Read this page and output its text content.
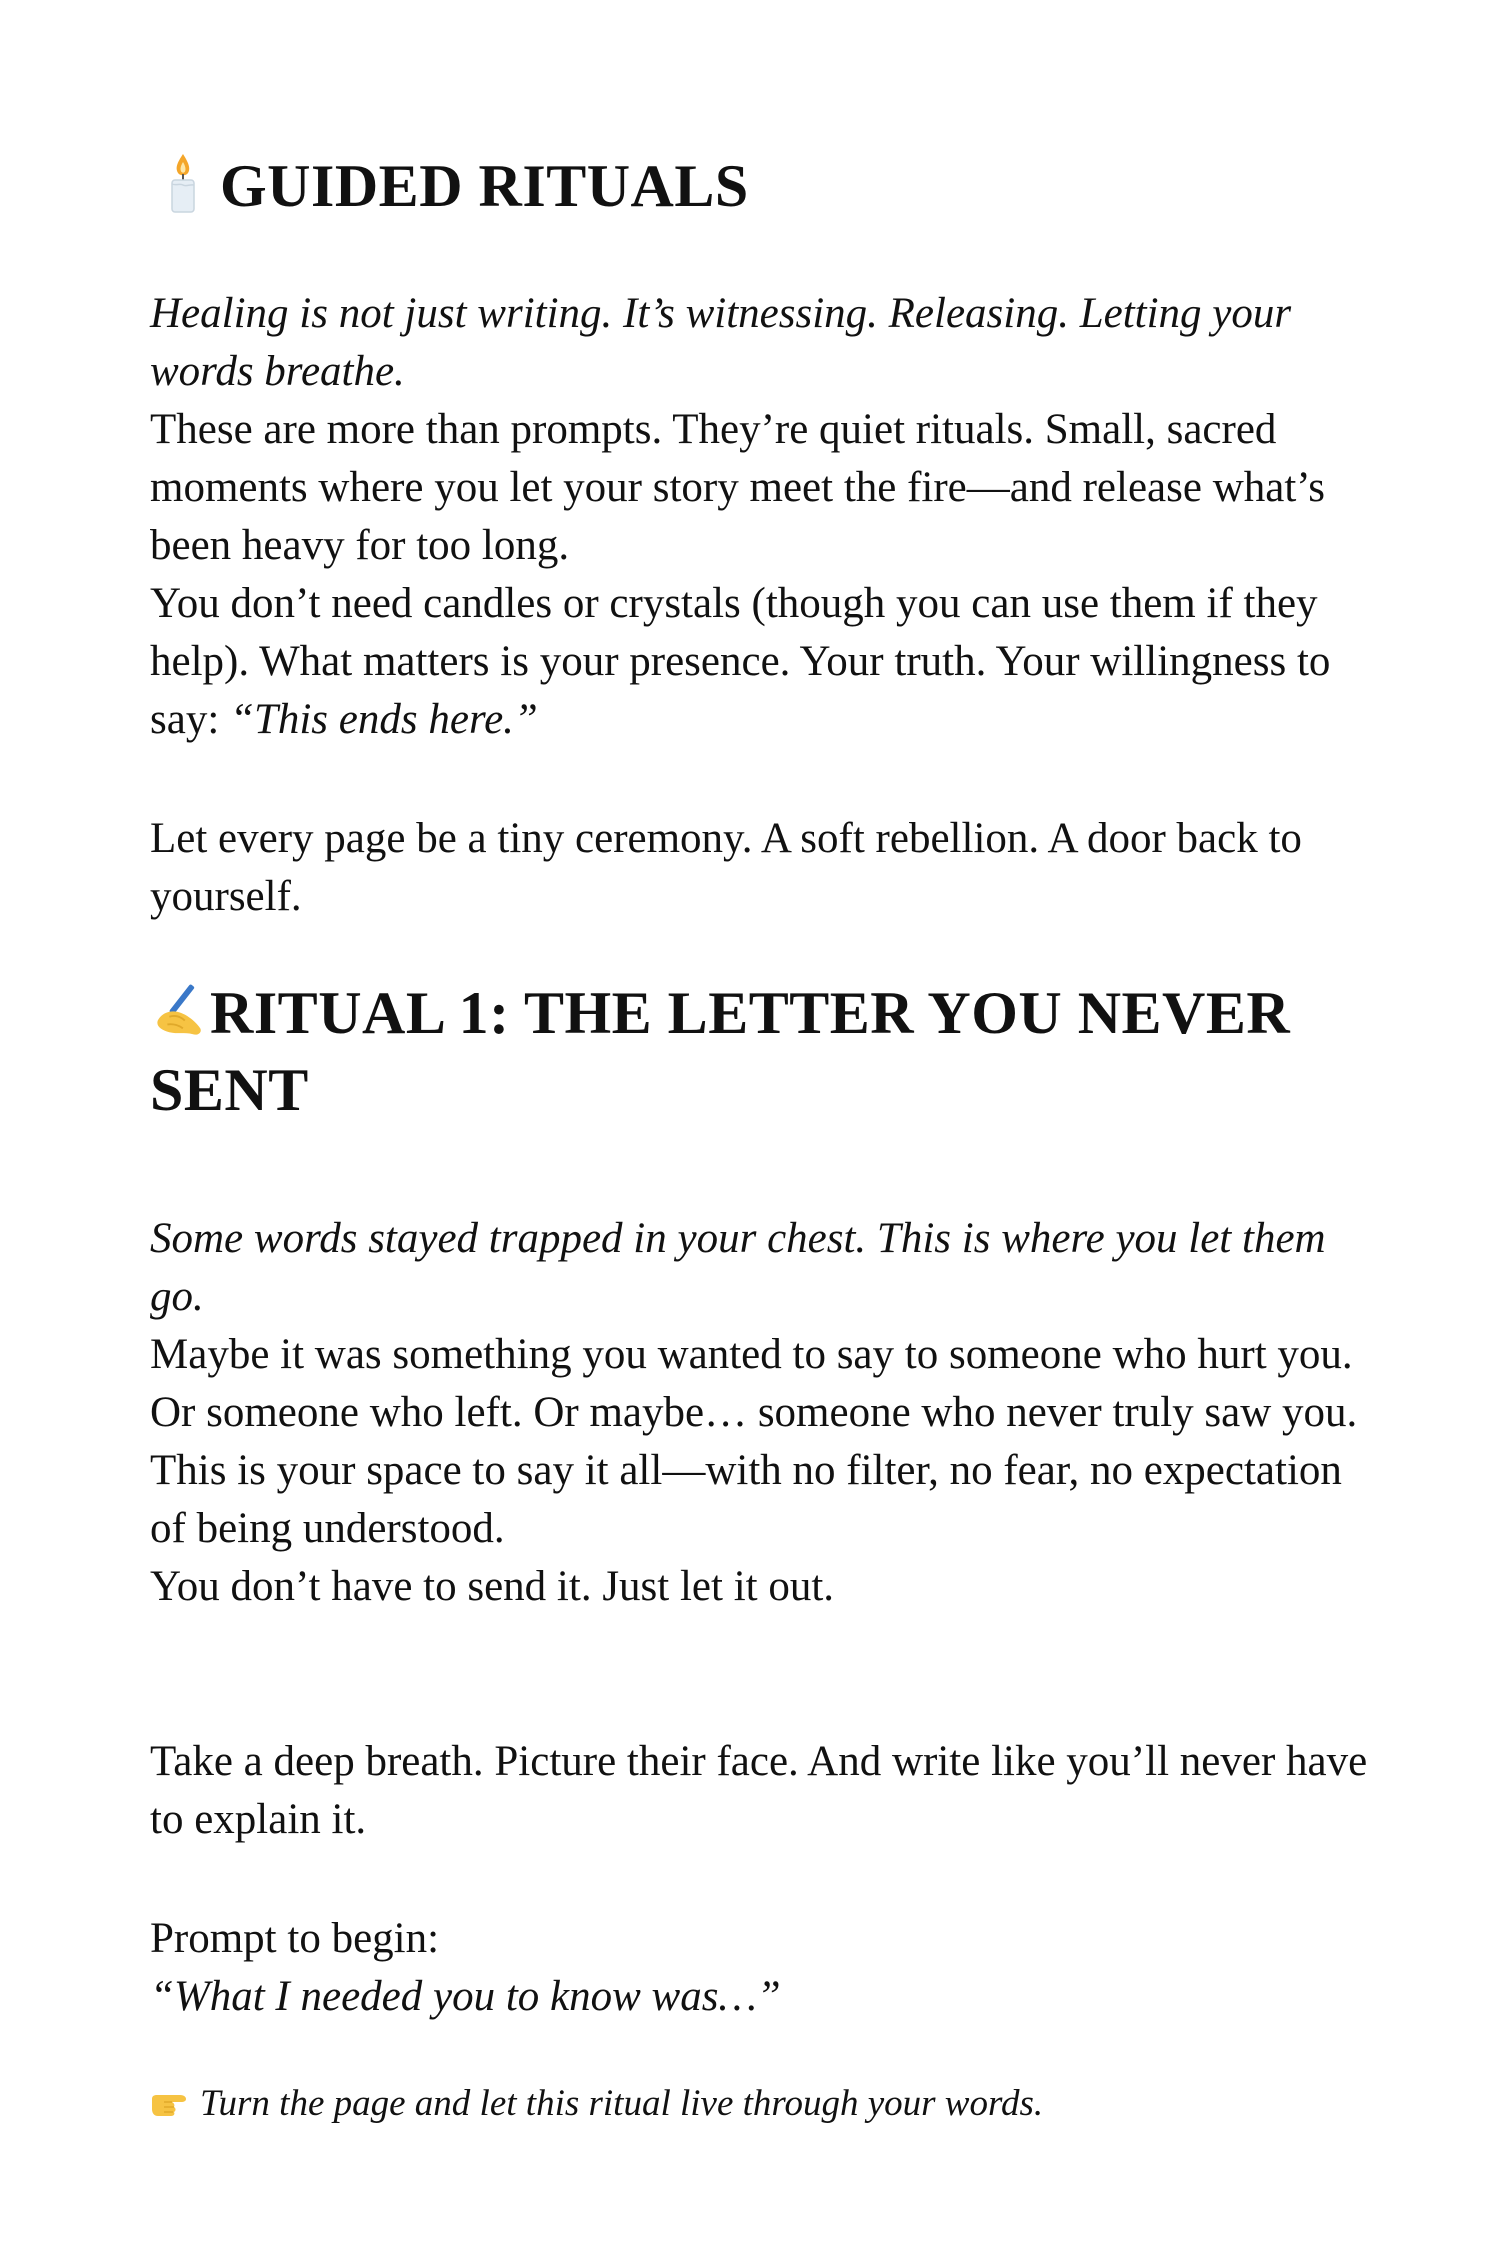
GUIDED RITUALS

Healing is not just writing. It’s witnessing. Releasing. Letting your words breathe.

These are more than prompts. They’re quiet rituals. Small, sacred moments where you let your story meet the fire—and release what’s been heavy for too long.

You don’t need candles or crystals (though you can use them if they help). What matters is your presence. Your truth. Your willingness to say: “This ends here.”

Let every page be a tiny ceremony. A soft rebellion. A door back to yourself.

RITUAL 1: THE LETTER YOU NEVER SENT

Some words stayed trapped in your chest. This is where you let them go.

Maybe it was something you wanted to say to someone who hurt you. Or someone who left. Or maybe… someone who never truly saw you.

This is your space to say it all—with no filter, no fear, no expectation of being understood.

You don’t have to send it. Just let it out.

Take a deep breath. Picture their face. And write like you’ll never have to explain it.

Prompt to begin:

“What I needed you to know was…”

Turn the page and let this ritual live through your words.
